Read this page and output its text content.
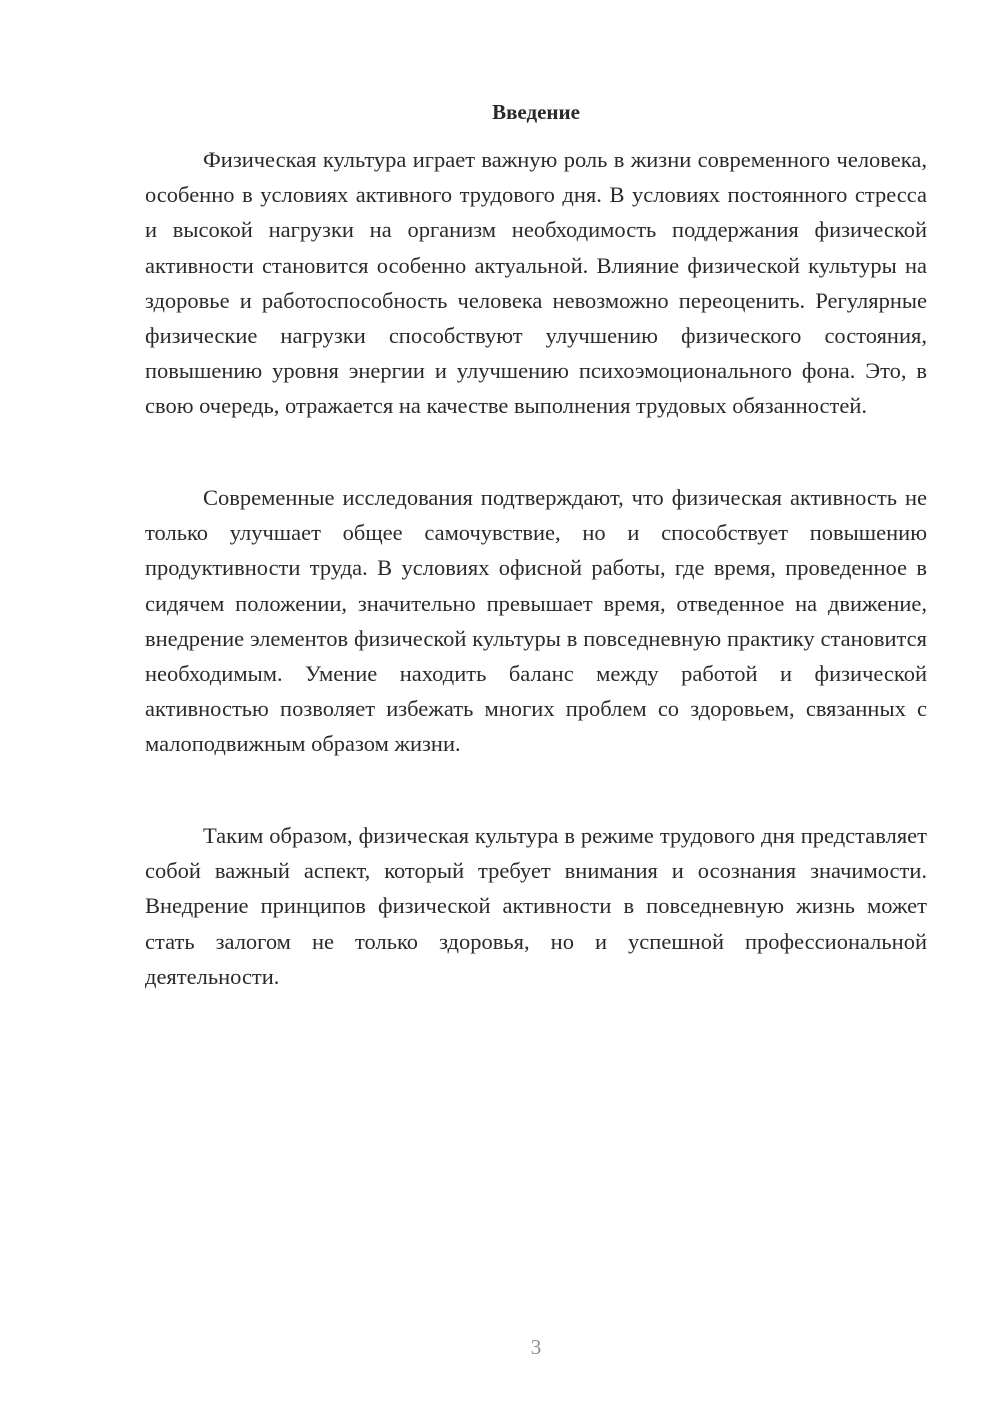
Введение

Физическая культура играет важную роль в жизни современного человека, особенно в условиях активного трудового дня. В условиях постоянного стресса и высокой нагрузки на организм необходимость поддержания физической активности становится особенно актуальной. Влияние физической культуры на здоровье и работоспособность человека невозможно переоценить. Регулярные физические нагрузки способствуют улучшению физического состояния, повышению уровня энергии и улучшению психоэмоционального фона. Это, в свою очередь, отражается на качестве выполнения трудовых обязанностей.

Современные исследования подтверждают, что физическая активность не только улучшает общее самочувствие, но и способствует повышению продуктивности труда. В условиях офисной работы, где время, проведенное в сидячем положении, значительно превышает время, отведенное на движение, внедрение элементов физической культуры в повседневную практику становится необходимым. Умение находить баланс между работой и физической активностью позволяет избежать многих проблем со здоровьем, связанных с малоподвижным образом жизни.

Таким образом, физическая культура в режиме трудового дня представляет собой важный аспект, который требует внимания и осознания значимости. Внедрение принципов физической активности в повседневную жизнь может стать залогом не только здоровья, но и успешной профессиональной деятельности.

3
